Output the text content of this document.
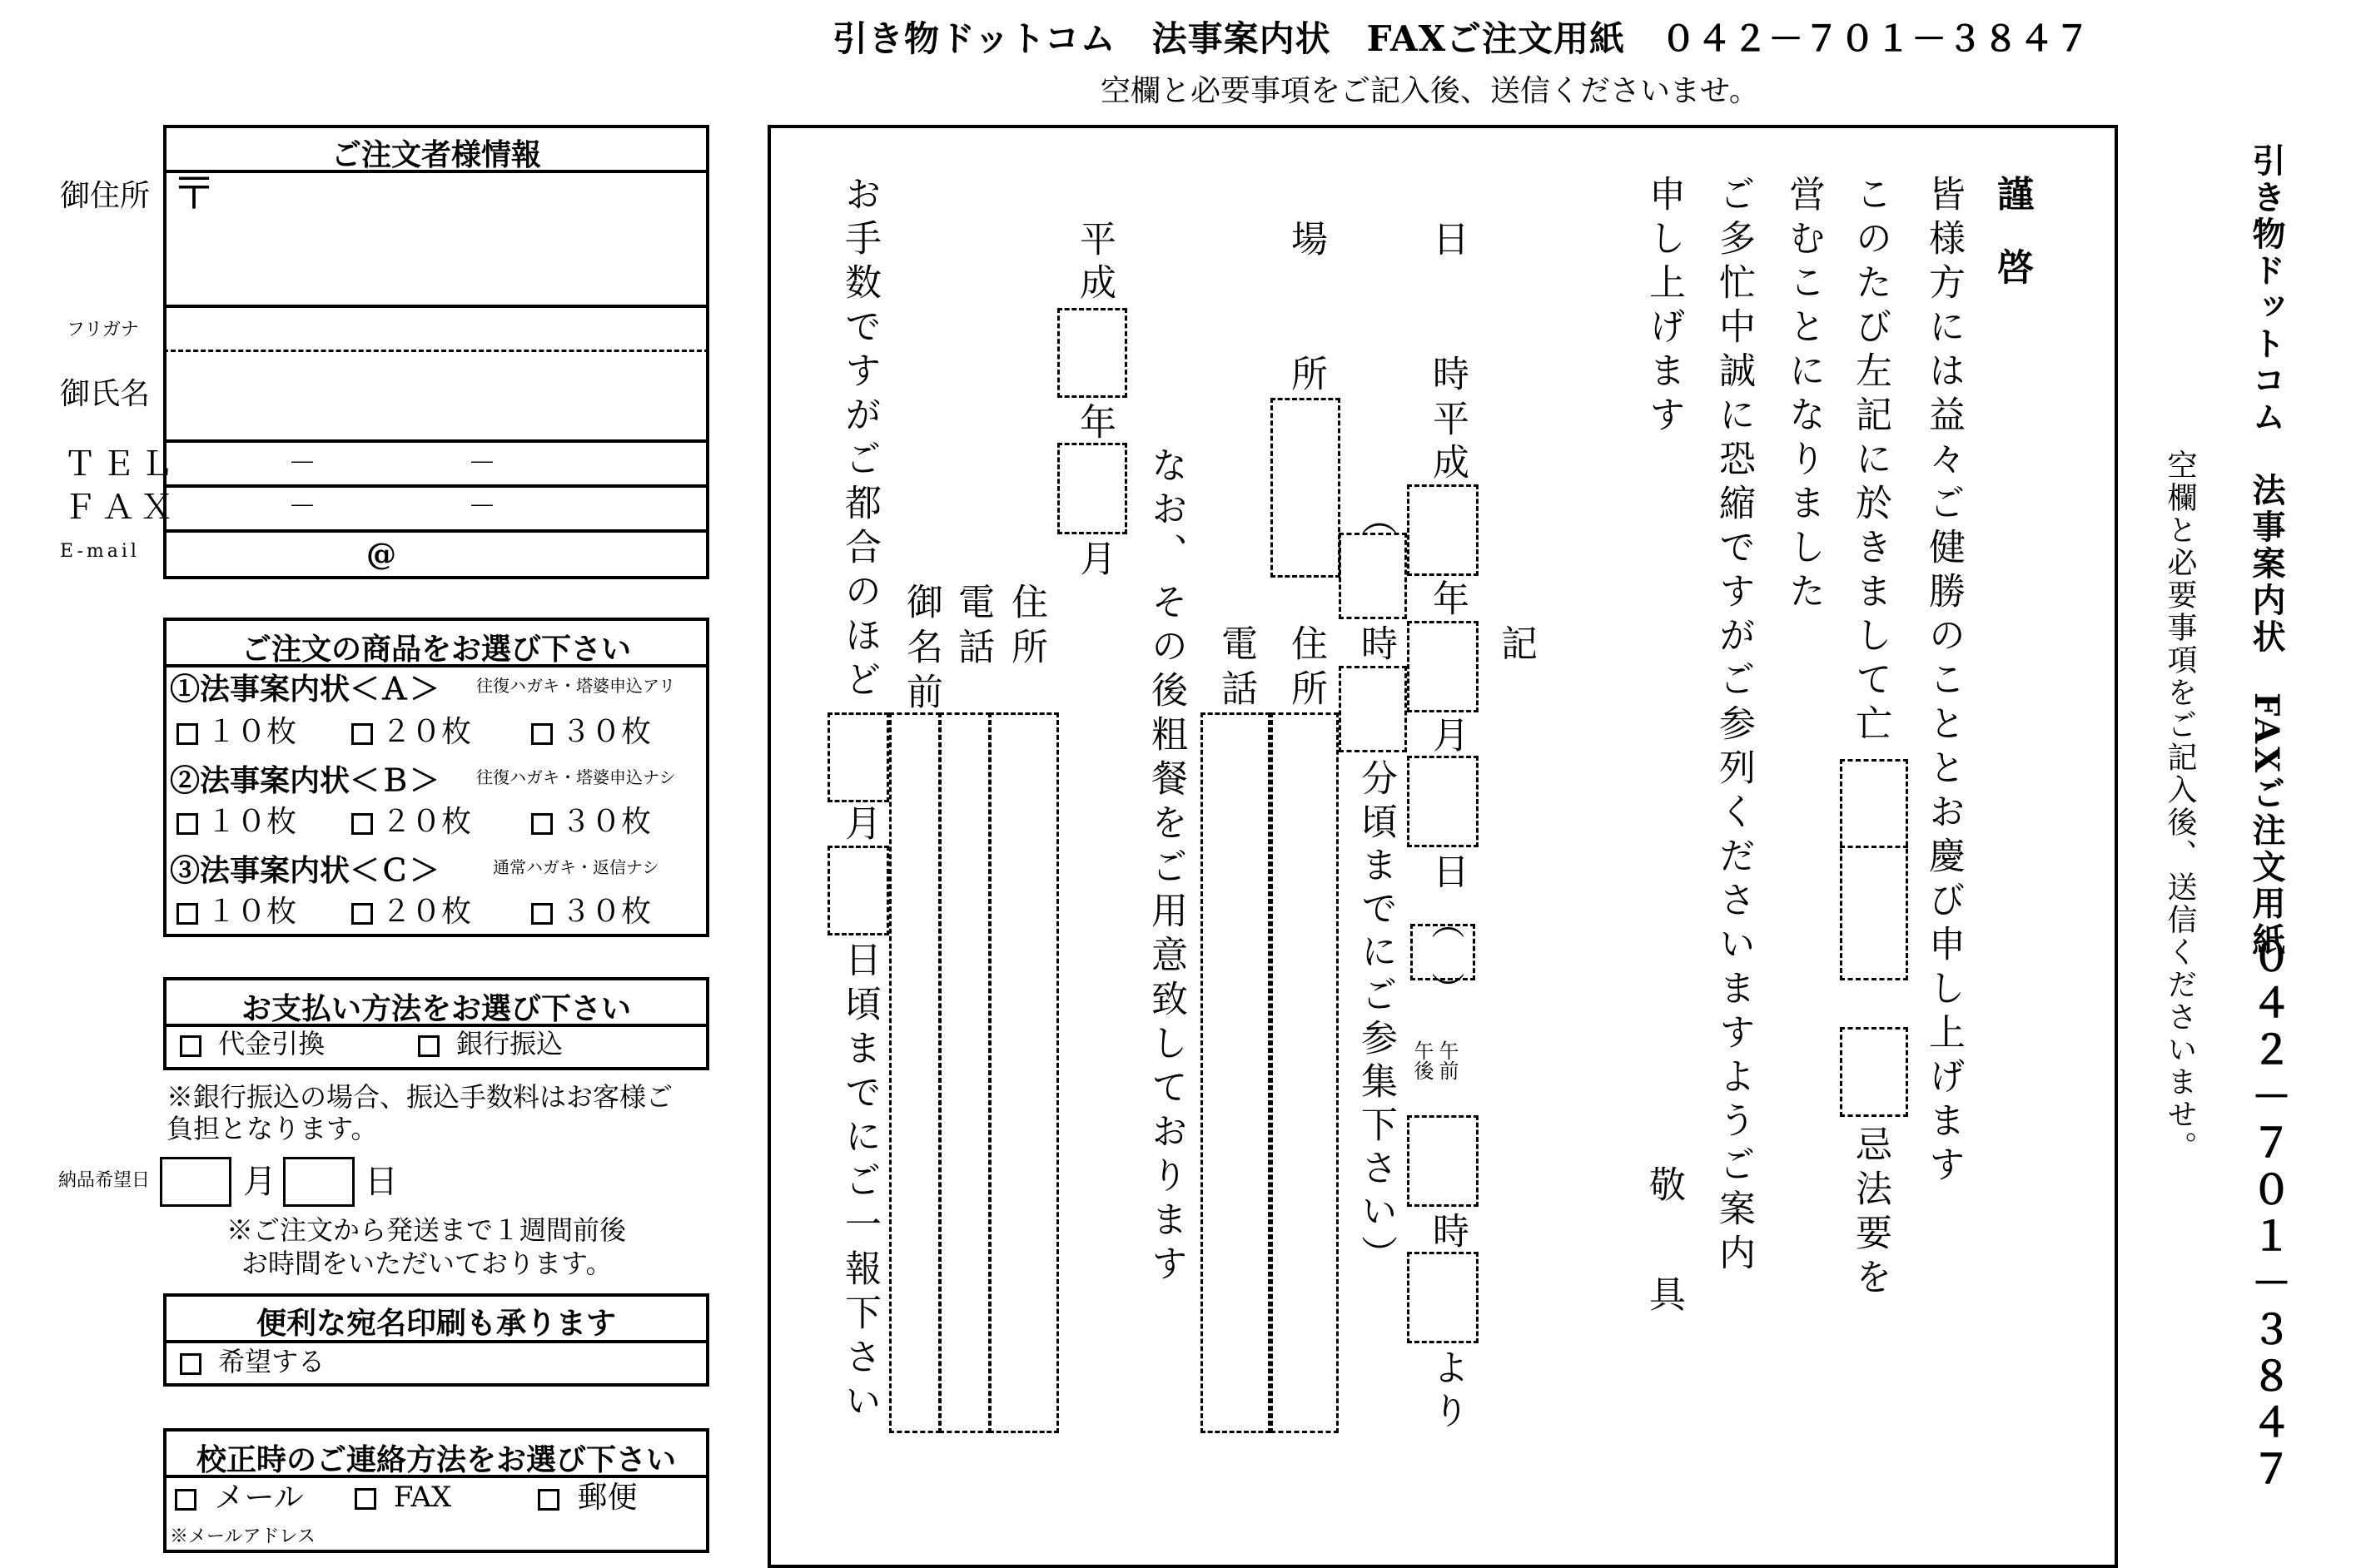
引き物ドットコム　法事案内状　FAXご注文用紙　０４２－７０１－３８４７
空欄と必要事項をご記入後、送信くださいませ。
ご注文者様情報
御住所 〒
フリガナ
御氏名
ＴＥＬ	－	－
ＦＡＸ	－	－
E-mail	@
ご注文の商品をお選び下さい
①法事案内状＜Ａ＞ 往復ハガキ・塔婆申込アリ
１０枚	２０枚	３０枚
②法事案内状＜Ｂ＞ 往復ハガキ・塔婆申込ナシ
１０枚	２０枚	３０枚
③法事案内状＜Ｃ＞	通常ハガキ・返信ナシ
１０枚	２０枚	３０枚
お支払い方法をお選び下さい
代金引換	銀行振込
※銀行振込の場合、振込手数料はお客様ご
負担となります。
納品希望日	月	日
※ご注文から発送まで１週間前後
お時間をいただいております。
便利な宛名印刷も承ります
希望する
校正時のご連絡方法をお選び下さい
メール	FAX	郵便
※メールアドレス
謹　啓
皆様方には益々ご健勝のこととお慶び申し上げます
このたび左記に於きまして亡
忌法要を
営むことになりました
ご多忙中誠に恐縮ですがご参列くださいますようご案内
申し上げます
敬　　具
記
日　　時
平成
年
月
日
（　）
午後 午前
時
より
（
時
分頃までにご参集下さい）
場　　所
住所
電話
なお、
その後粗餐をご用意致しております
平成
年
月
住所
電話
御名前
お手数ですがご都合のほど
月
日頃までにご一報下さい
引き物ドットコム　法事案内状　FAXご注文用紙
０４２－７０１－３８４７
空欄と必要事項をご記入後、送信くださいませ。
